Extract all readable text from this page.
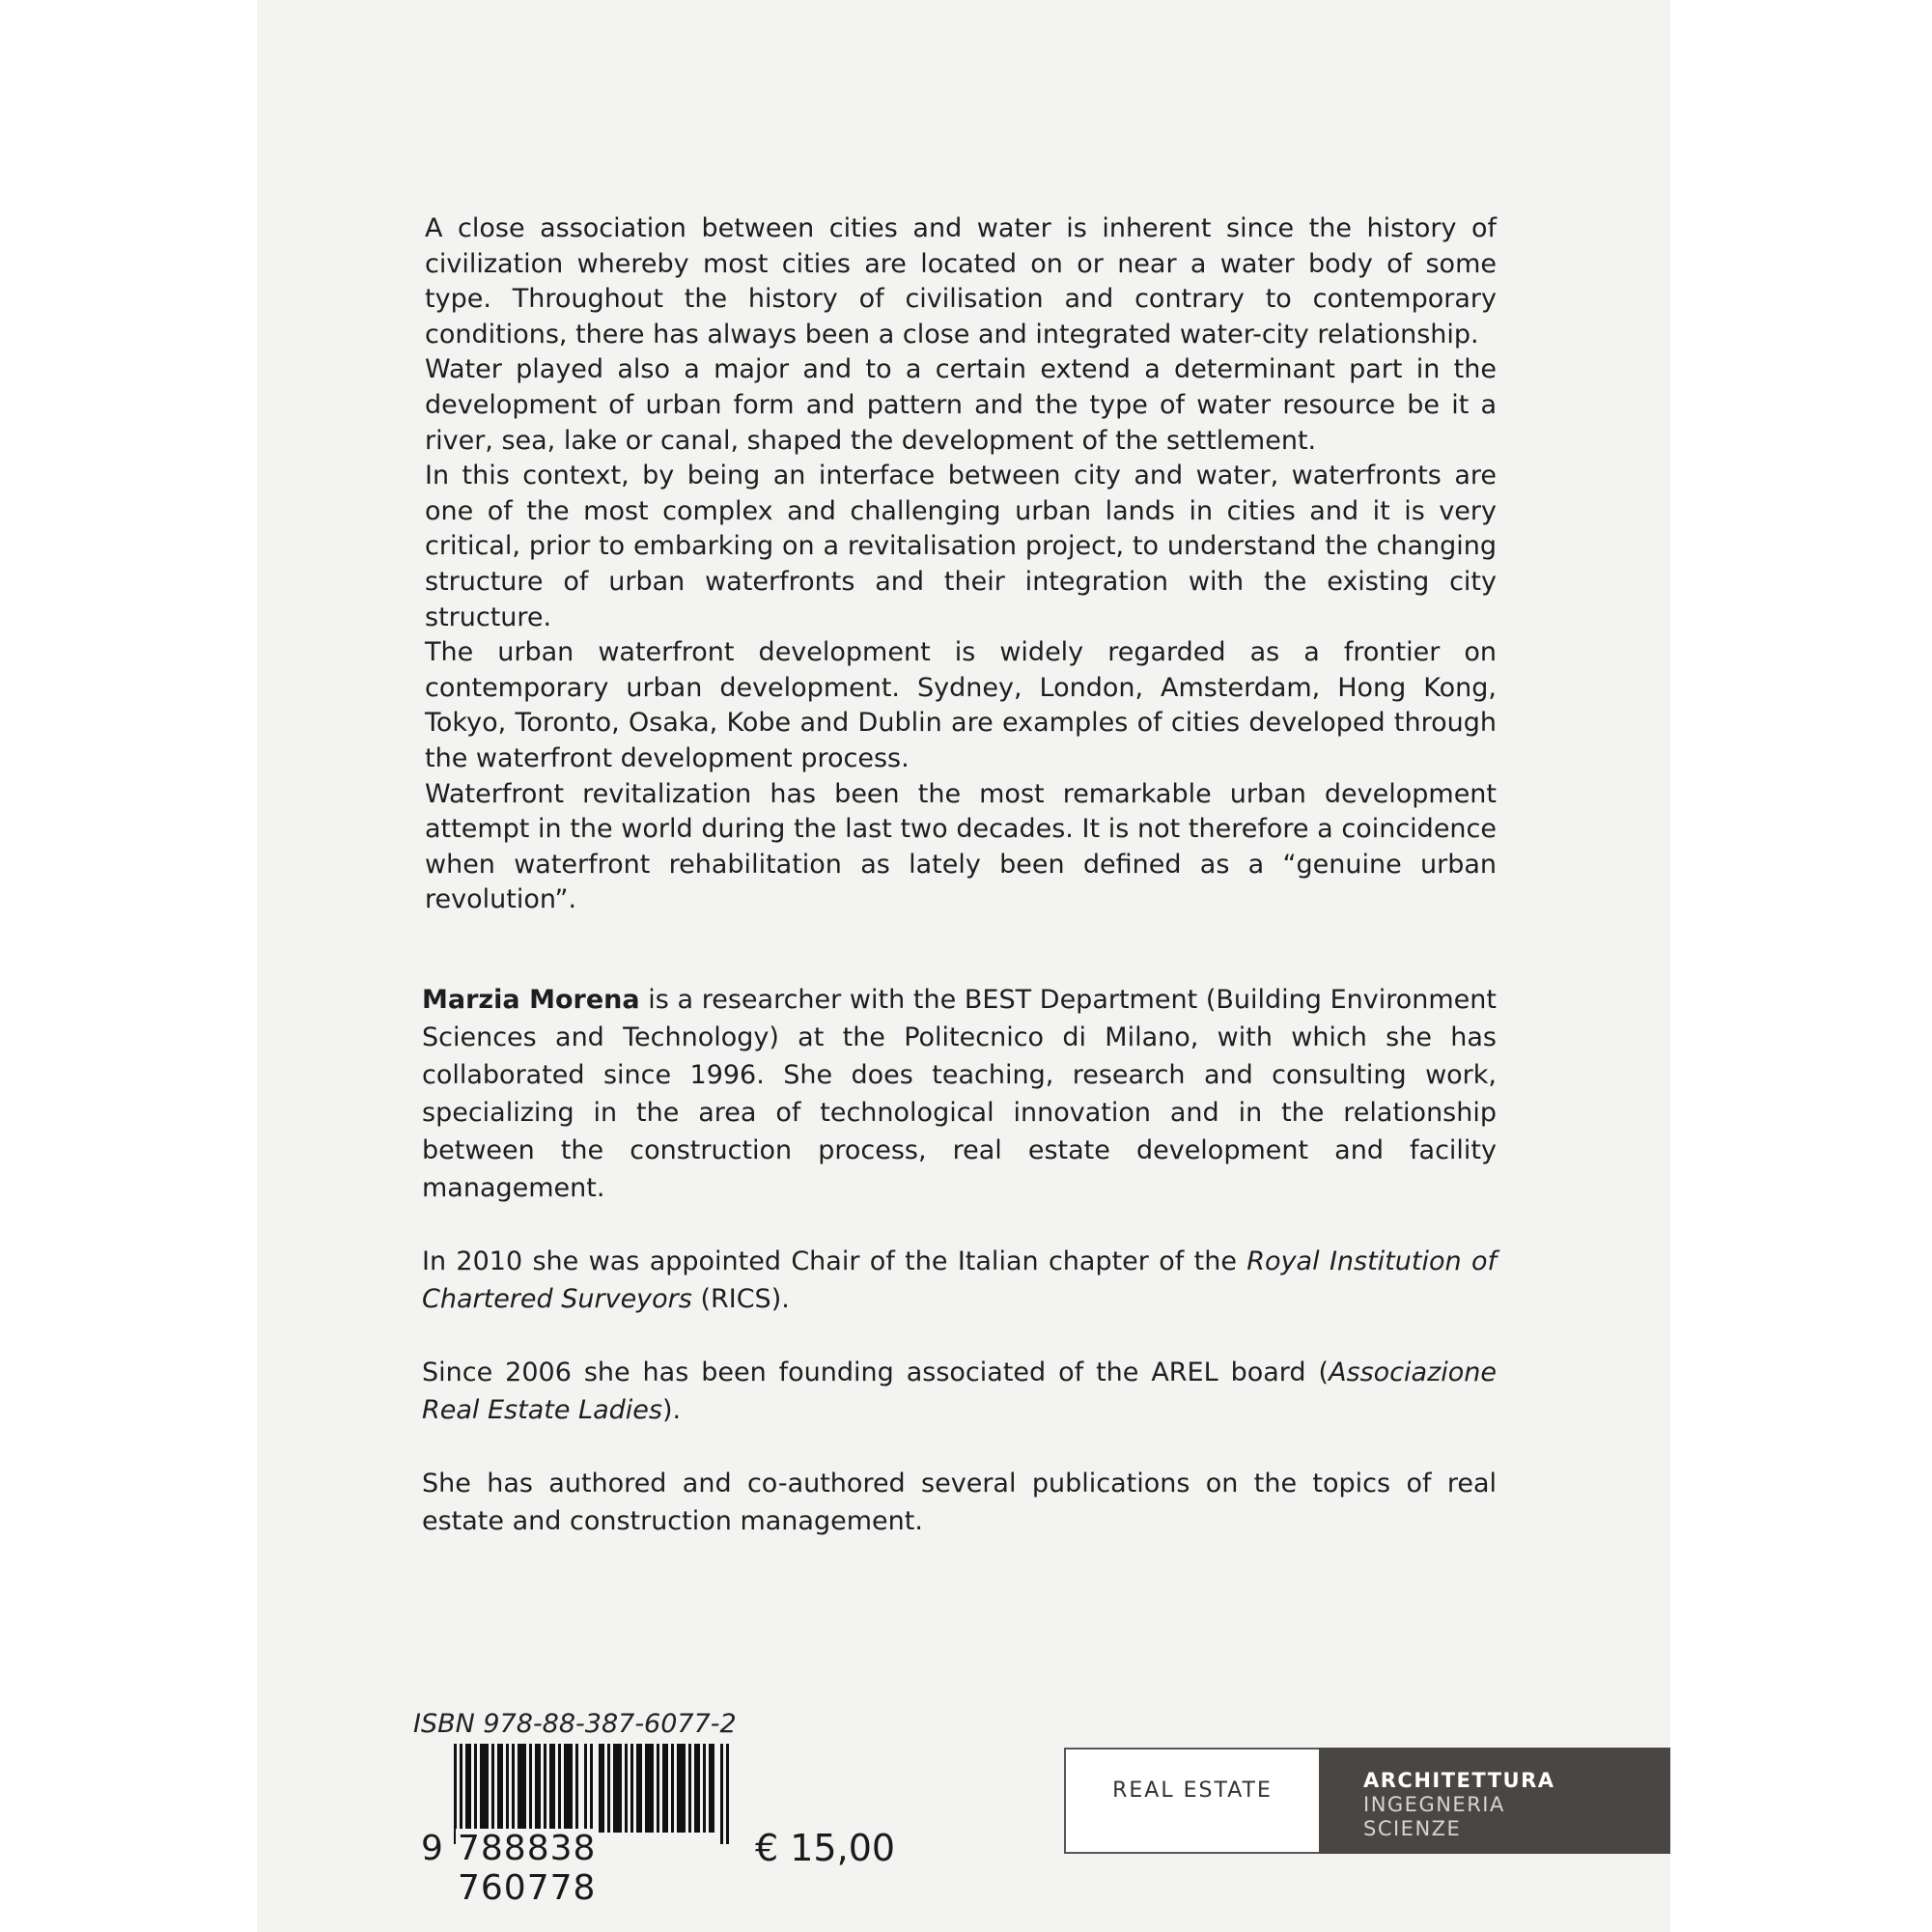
A close association between cities and water is inherent since the history of civilization whereby most cities are located on or near a water body of some type. Throughout the history of civilisation and contrary to contemporary conditions, there has always been a close and integrated water-city relationship.

Water played also a major and to a certain extend a determinant part in the development of urban form and pattern and the type of water resource be it a river, sea, lake or canal, shaped the development of the settlement.

In this context, by being an interface between city and water, waterfronts are one of the most complex and challenging urban lands in cities and it is very critical, prior to embarking on a revitalisation project, to understand the changing structure of urban waterfronts and their integration with the existing city structure.

The urban waterfront development is widely regarded as a frontier on contemporary urban development. Sydney, London, Amsterdam, Hong Kong, Tokyo, Toronto, Osaka, Kobe and Dublin are examples of cities developed through the waterfront development process.

Waterfront revitalization has been the most remarkable urban development attempt in the world during the last two decades. It is not therefore a coincidence when waterfront rehabilitation as lately been defined as a “genuine urban revolution”.

Marzia Morena is a researcher with the BEST Department (Building Environment Sciences and Technology) at the Politecnico di Milano, with which she has collaborated since 1996. She does teaching, research and consulting work, specializing in the area of technological innovation and in the relationship between the construction process, real estate development and facility management.

In 2010 she was appointed Chair of the Italian chapter of the Royal Institution of Chartered Surveyors (RICS).

Since 2006 she has been founding associated of the AREL board (Associazione Real Estate Ladies).

She has authored and co-authored several publications on the topics of real estate and construction management.

ISBN 978-88-387-6077-2
9 788838 760778
€ 15,00
REAL ESTATE	ARCHITETTURA
INGEGNERIA
SCIENZE
